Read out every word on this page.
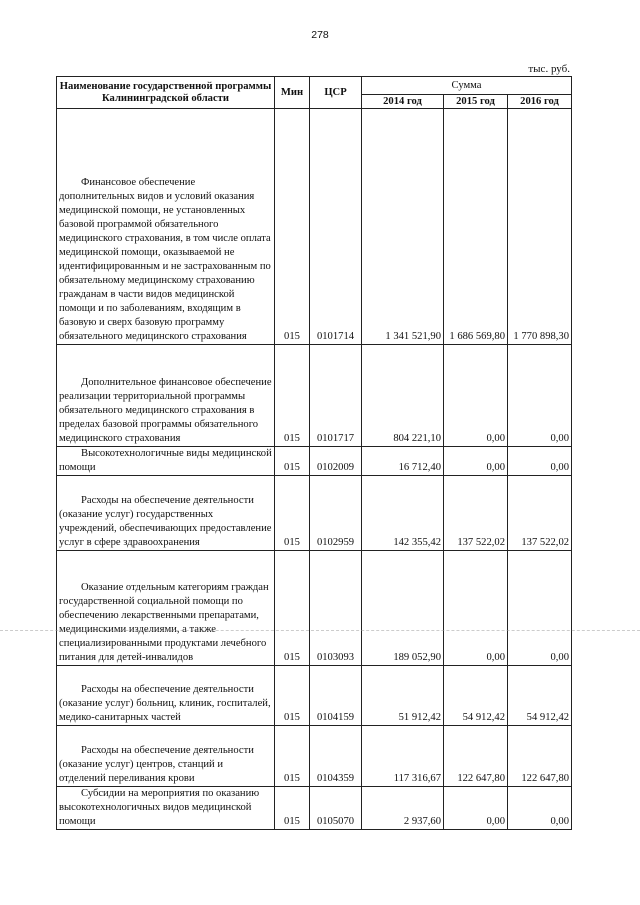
278
тыс. руб.
Наименование государственной программы Калининградской области	Мин	ЦСР	Сумма		
			2014 год	2015 год	2016 год
Финансовое обеспечение дополнительных видов и условий оказания медицинской помощи, не установленных базовой программой обязательного медицинского страхования, в том числе оплата медицинской помощи, оказываемой не идентифицированным и не застрахованным по обязательному медицинскому страхованию гражданам в части видов медицинской помощи и по заболеваниям, входящим в базовую и сверх базовую программу обязательного медицинского страхования	015	0101714	1 341 521,90	1 686 569,80	1 770 898,30
Дополнительное финансовое обеспечение реализации территориальной программы обязательного медицинского страхования в пределах базовой программы обязательного медицинского страхования	015	0101717	804 221,10	0,00	0,00
Высокотехнологичные виды медицинской помощи	015	0102009	16 712,40	0,00	0,00
Расходы на обеспечение деятельности (оказание услуг) государственных учреждений, обеспечивающих предоставление услуг в сфере здравоохранения	015	0102959	142 355,42	137 522,02	137 522,02
Оказание отдельным категориям граждан государственной социальной помощи по обеспечению лекарственными препаратами, медицинскими изделиями, а также специализированными продуктами лечебного питания для детей-инвалидов	015	0103093	189 052,90	0,00	0,00
Расходы на обеспечение деятельности (оказание услуг) больниц, клиник, госпиталей, медико-санитарных частей	015	0104159	51 912,42	54 912,42	54 912,42
Расходы на обеспечение деятельности (оказание услуг) центров, станций и отделений переливания крови	015	0104359	117 316,67	122 647,80	122 647,80
Субсидии на мероприятия по оказанию высокотехнологичных видов медицинской помощи	015	0105070	2 937,60	0,00	0,00
